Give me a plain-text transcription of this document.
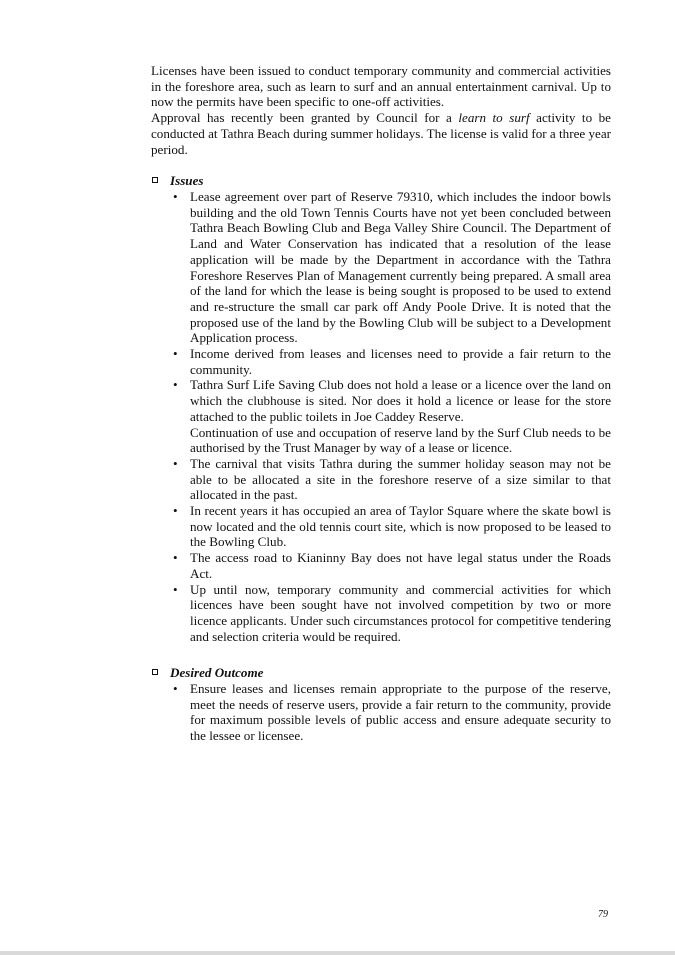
Licenses have been issued to conduct temporary community and commercial activities in the foreshore area, such as learn to surf and an annual entertainment carnival. Up to now the permits have been specific to one-off activities.

Approval has recently been granted by Council for a learn to surf activity to be conducted at Tathra Beach during summer holidays. The license is valid for a three year period.

Issues
• Lease agreement over part of Reserve 79310, which includes the indoor bowls building and the old Town Tennis Courts have not yet been concluded between Tathra Beach Bowling Club and Bega Valley Shire Council. The Department of Land and Water Conservation has indicated that a resolution of the lease application will be made by the Department in accordance with the Tathra Foreshore Reserves Plan of Management currently being prepared. A small area of the land for which the lease is being sought is proposed to be used to extend and re-structure the small car park off Andy Poole Drive. It is noted that the proposed use of the land by the Bowling Club will be subject to a Development Application process.

• Income derived from leases and licenses need to provide a fair return to the community.

• Tathra Surf Life Saving Club does not hold a lease or a licence over the land on which the clubhouse is sited. Nor does it hold a licence or lease for the store attached to the public toilets in Joe Caddey Reserve.

Continuation of use and occupation of reserve land by the Surf Club needs to be authorised by the Trust Manager by way of a lease or licence.

• The carnival that visits Tathra during the summer holiday season may not be able to be allocated a site in the foreshore reserve of a size similar to that allocated in the past.

• In recent years it has occupied an area of Taylor Square where the skate bowl is now located and the old tennis court site, which is now proposed to be leased to the Bowling Club.

• The access road to Kianinny Bay does not have legal status under the Roads Act.

• Up until now, temporary community and commercial activities for which licences have been sought have not involved competition by two or more licence applicants. Under such circumstances protocol for competitive tendering and selection criteria would be required.

Desired Outcome
• Ensure leases and licenses remain appropriate to the purpose of the reserve, meet the needs of reserve users, provide a fair return to the community, provide for maximum possible levels of public access and ensure adequate security to the lessee or licensee.

79
